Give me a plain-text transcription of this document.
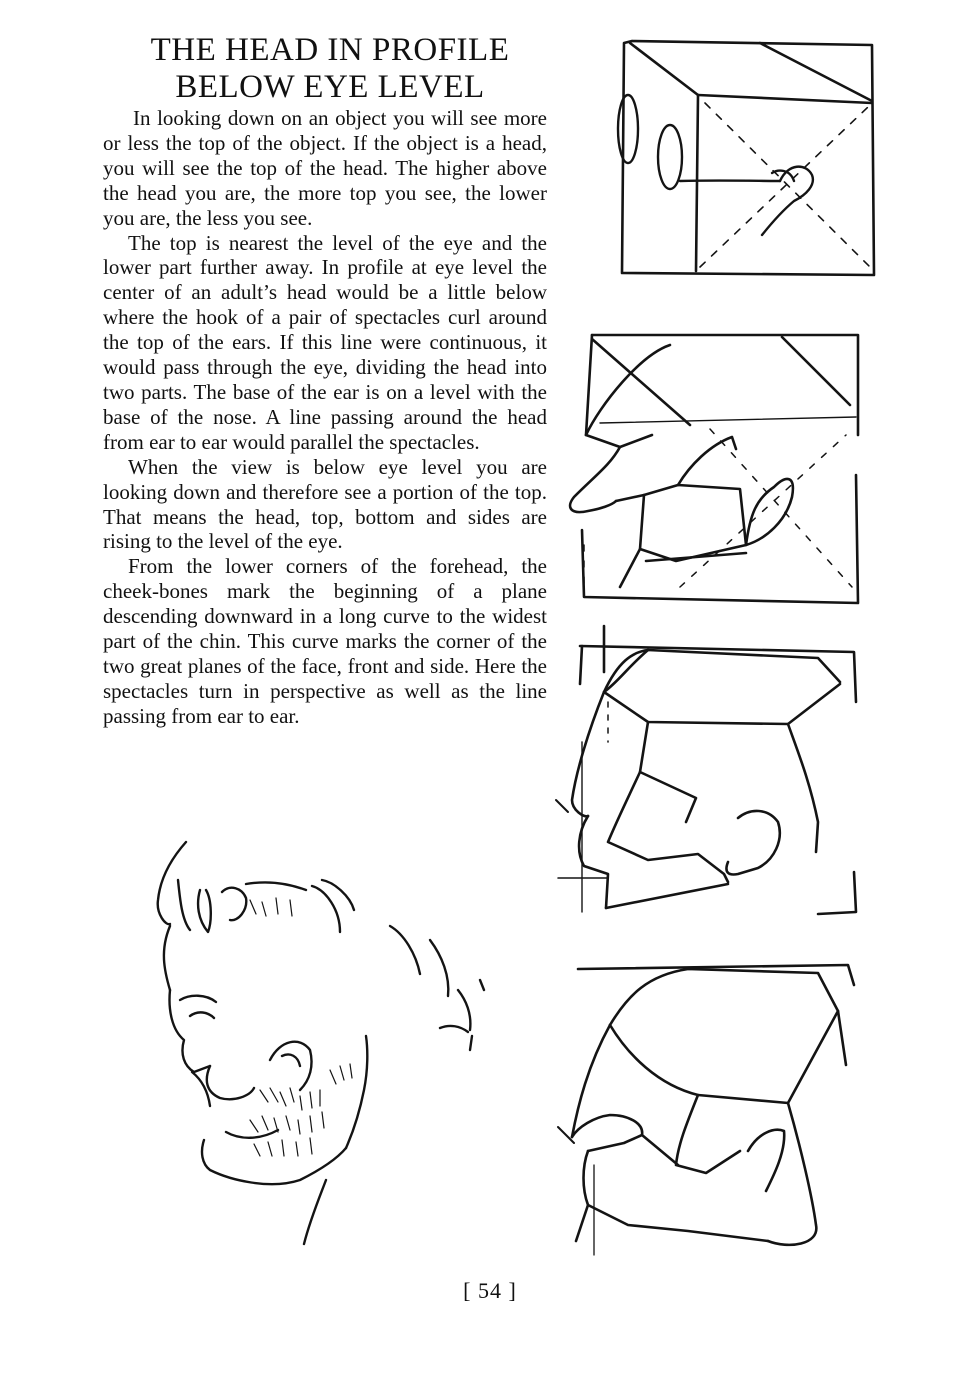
THE HEAD IN PROFILE
BELOW EYE LEVEL

In looking down on an object you will see more or less the top of the object. If the object is a head, you will see the top of the head. The higher above the head you are, the more top you see, the lower you are, the less you see.

The top is nearest the level of the eye and the lower part further away. In profile at eye level the center of an adult’s head would be a little below where the hook of a pair of spectacles curl around the top of the ears. If this line were continuous, it would pass through the eye, dividing the head into two parts. The base of the ear is on a level with the base of the nose. A line passing around the head from ear to ear would parallel the spectacles.

When the view is below eye level you are looking down and therefore see a portion of the top. That means the head, top, bottom and sides are rising to the level of the eye.

From the lower corners of the forehead, the cheek-bones mark the beginning of a plane descending downward in a long curve to the widest part of the chin. This curve marks the corner of the two great planes of the face, front and side. Here the spectacles turn in perspective as well as the line passing from ear to ear.

[ 54 ]
